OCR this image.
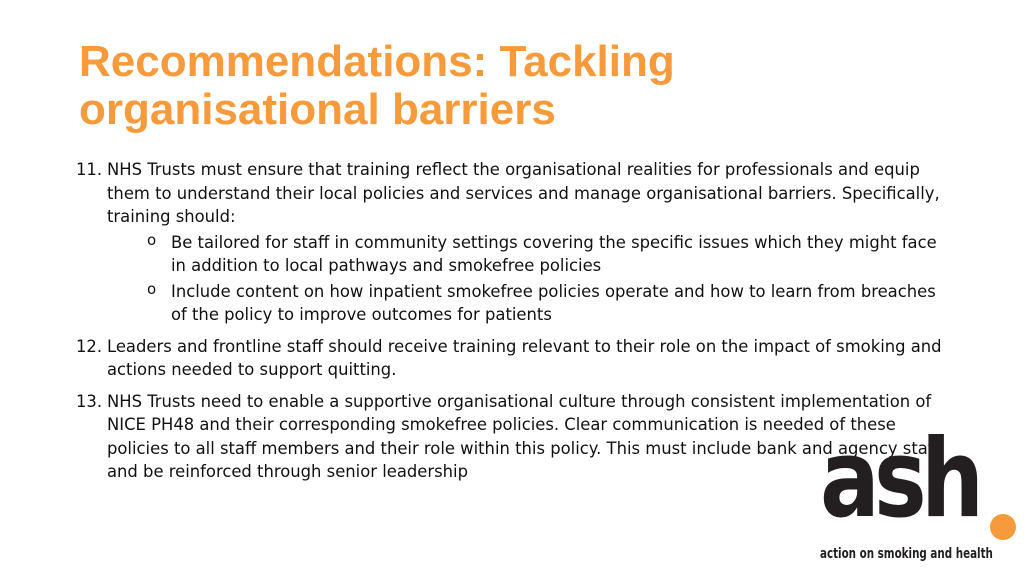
Recommendations: Tackling organisational barriers
11. NHS Trusts must ensure that training reflect the organisational realities for professionals and equip them to understand their local policies and services and manage organisational barriers. Specifically, training should:
o Be tailored for staff in community settings covering the specific issues which they might face in addition to local pathways and smokefree policies
o Include content on how inpatient smokefree policies operate and how to learn from breaches of the policy to improve outcomes for patients
12. Leaders and frontline staff should receive training relevant to their role on the impact of smoking and actions needed to support quitting.
13. NHS Trusts need to enable a supportive organisational culture through consistent implementation of NICE PH48 and their corresponding smokefree policies. Clear communication is needed of these policies to all staff members and their role within this policy. This must include bank and agency staff and be reinforced through senior leadership	ash
action on smoking and health
